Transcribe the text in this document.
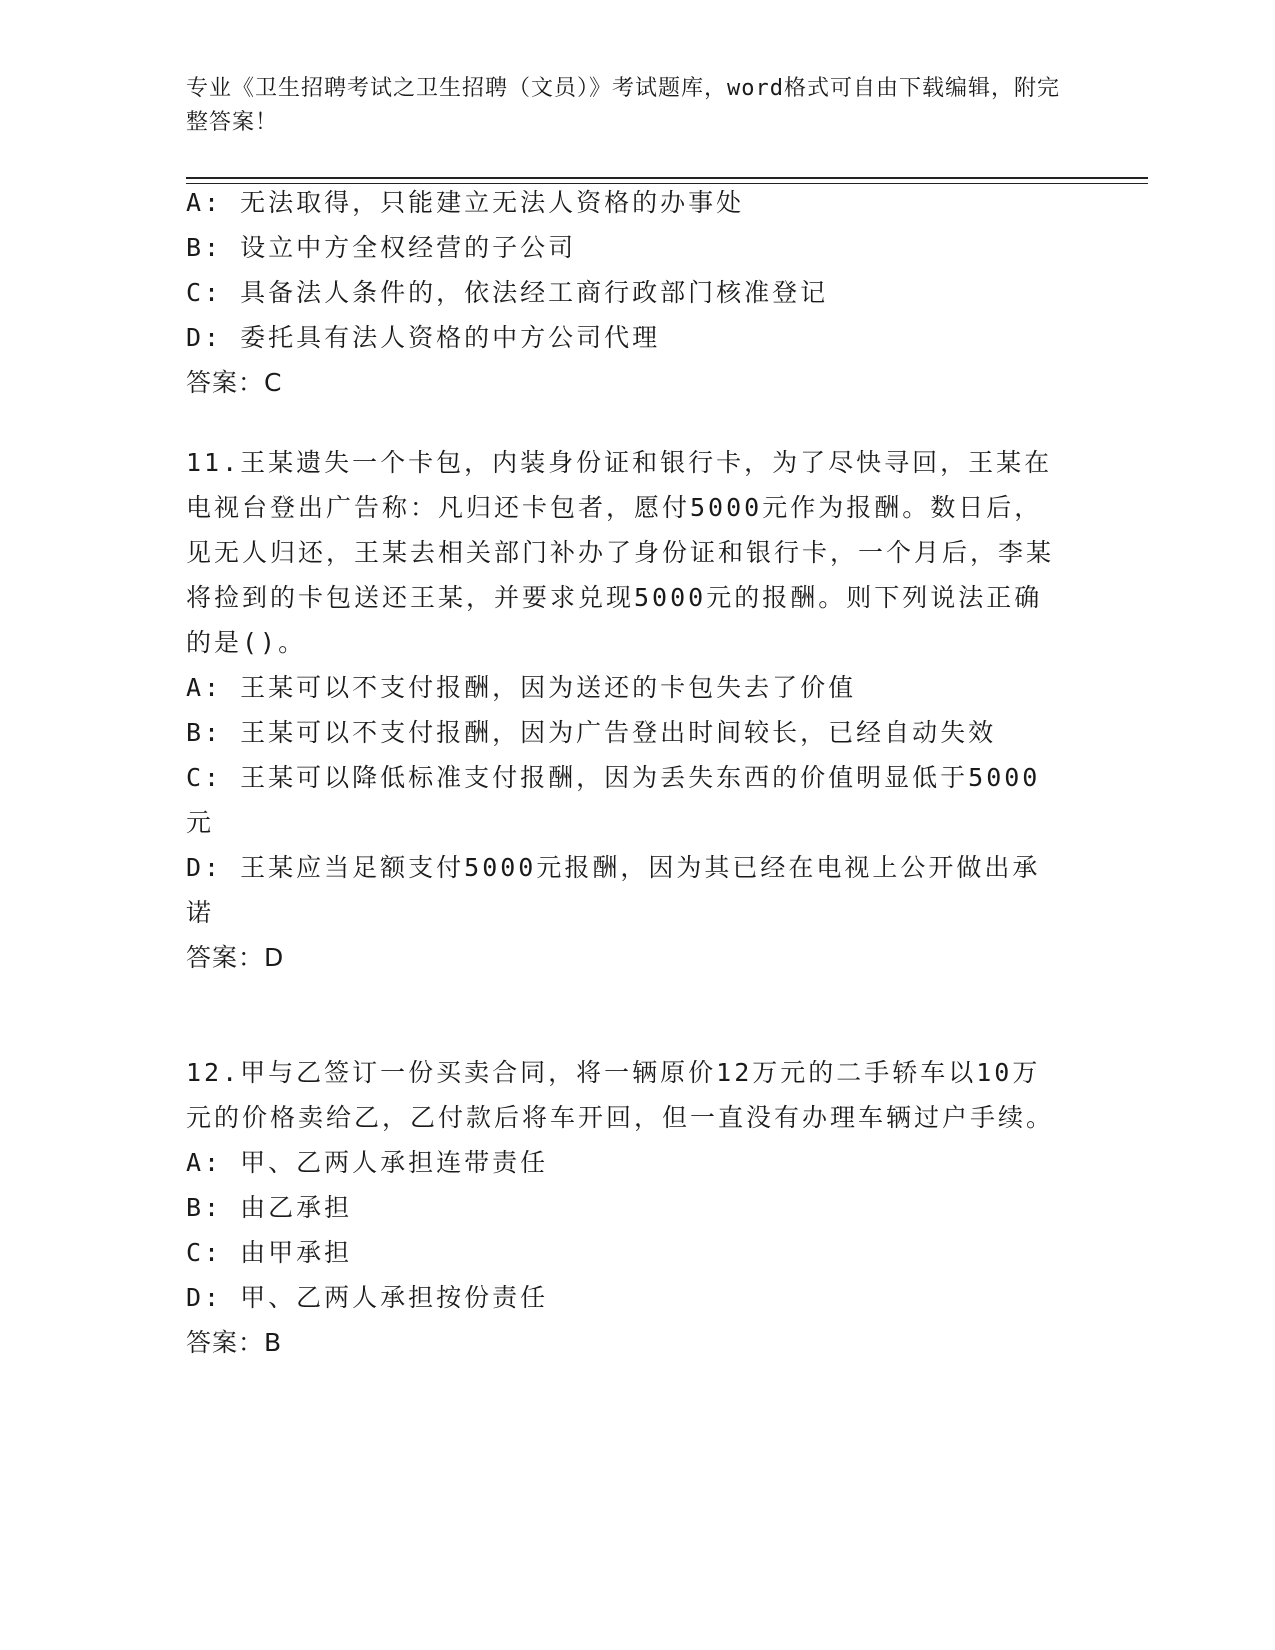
专业《卫生招聘考试之卫生招聘（文员）》考试题库，word格式可自由下载编辑，附完整答案！
A: 无法取得，只能建立无法人资格的办事处
B: 设立中方全权经营的子公司
C: 具备法人条件的，依法经工商行政部门核准登记
D: 委托具有法人资格的中方公司代理
答案：C
11.王某遗失一个卡包，内装身份证和银行卡，为了尽快寻回，王某在电视台登出广告称：凡归还卡包者，愿付5000元作为报酬。数日后，见无人归还，王某去相关部门补办了身份证和银行卡，一个月后，李某将捡到的卡包送还王某，并要求兑现5000元的报酬。则下列说法正确的是()。
A: 王某可以不支付报酬，因为送还的卡包失去了价值
B: 王某可以不支付报酬，因为广告登出时间较长，已经自动失效
C: 王某可以降低标准支付报酬，因为丢失东西的价值明显低于5000元
D: 王某应当足额支付5000元报酬，因为其已经在电视上公开做出承诺
答案：D
12.甲与乙签订一份买卖合同，将一辆原价12万元的二手轿车以10万元的价格卖给乙，乙付款后将车开回，但一直没有办理车辆过户手续。
A: 甲、乙两人承担连带责任
B: 由乙承担
C: 由甲承担
D: 甲、乙两人承担按份责任
答案：B
